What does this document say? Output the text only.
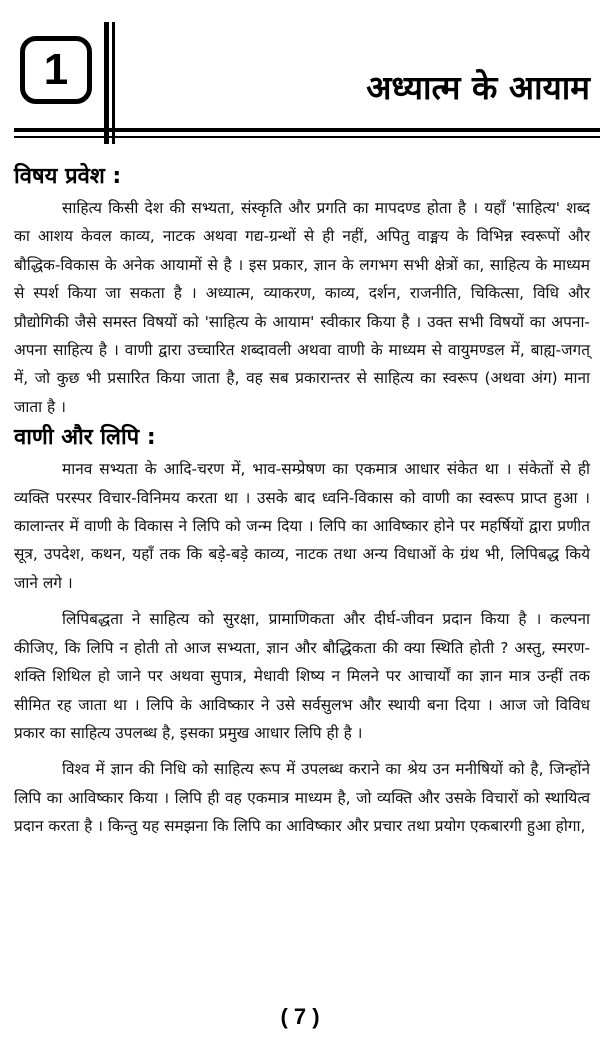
1	अध्यात्म के आयाम
विषय प्रवेश :

साहित्य किसी देश की सभ्यता, संस्कृति और प्रगति का मापदण्ड होता है । यहाँ 'साहित्य' शब्द का आशय केवल काव्य, नाटक अथवा गद्य-ग्रन्थों से ही नहीं, अपितु वाङ्मय के विभिन्न स्वरूपों और बौद्धिक-विकास के अनेक आयामों से है । इस प्रकार, ज्ञान के लगभग सभी क्षेत्रों का, साहित्य के माध्यम से स्पर्श किया जा सकता है । अध्यात्म, व्याकरण, काव्य, दर्शन, राजनीति, चिकित्सा, विधि और प्रौद्योगिकी जैसे समस्त विषयों को 'साहित्य के आयाम' स्वीकार किया है । उक्त सभी विषयों का अपना-अपना साहित्य है । वाणी द्वारा उच्चारित शब्दावली अथवा वाणी के माध्यम से वायुमण्डल में, बाह्य-जगत् में, जो कुछ भी प्रसारित किया जाता है, वह सब प्रकारान्तर से साहित्य का स्वरूप (अथवा अंग) माना जाता है ।

वाणी और लिपि :

मानव सभ्यता के आदि-चरण में, भाव-सम्प्रेषण का एकमात्र आधार संकेत था । संकेतों से ही व्यक्ति परस्पर विचार-विनिमय करता था । उसके बाद ध्वनि-विकास को वाणी का स्वरूप प्राप्त हुआ । कालान्तर में वाणी के विकास ने लिपि को जन्म दिया । लिपि का आविष्कार होने पर महर्षियों द्वारा प्रणीत सूत्र, उपदेश, कथन, यहाँ तक कि बड़े-बड़े काव्य, नाटक तथा अन्य विधाओं के ग्रंथ भी, लिपिबद्ध किये जाने लगे ।

लिपिबद्धता ने साहित्य को सुरक्षा, प्रामाणिकता और दीर्घ-जीवन प्रदान किया है । कल्पना कीजिए, कि लिपि न होती तो आज सभ्यता, ज्ञान और बौद्धिकता की क्या स्थिति होती ? अस्तु, स्मरण-शक्ति शिथिल हो जाने पर अथवा सुपात्र, मेधावी शिष्य न मिलने पर आचार्यों का ज्ञान मात्र उन्हीं तक सीमित रह जाता था । लिपि के आविष्कार ने उसे सर्वसुलभ और स्थायी बना दिया । आज जो विविध प्रकार का साहित्य उपलब्ध है, इसका प्रमुख आधार लिपि ही है ।

विश्व में ज्ञान की निधि को साहित्य रूप में उपलब्ध कराने का श्रेय उन मनीषियों को है, जिन्होंने लिपि का आविष्कार किया । लिपि ही वह एकमात्र माध्यम है, जो व्यक्ति और उसके विचारों को स्थायित्व प्रदान करता है । किन्तु यह समझना कि लिपि का आविष्कार और प्रचार तथा प्रयोग एकबारगी हुआ होगा,

( 7 )
